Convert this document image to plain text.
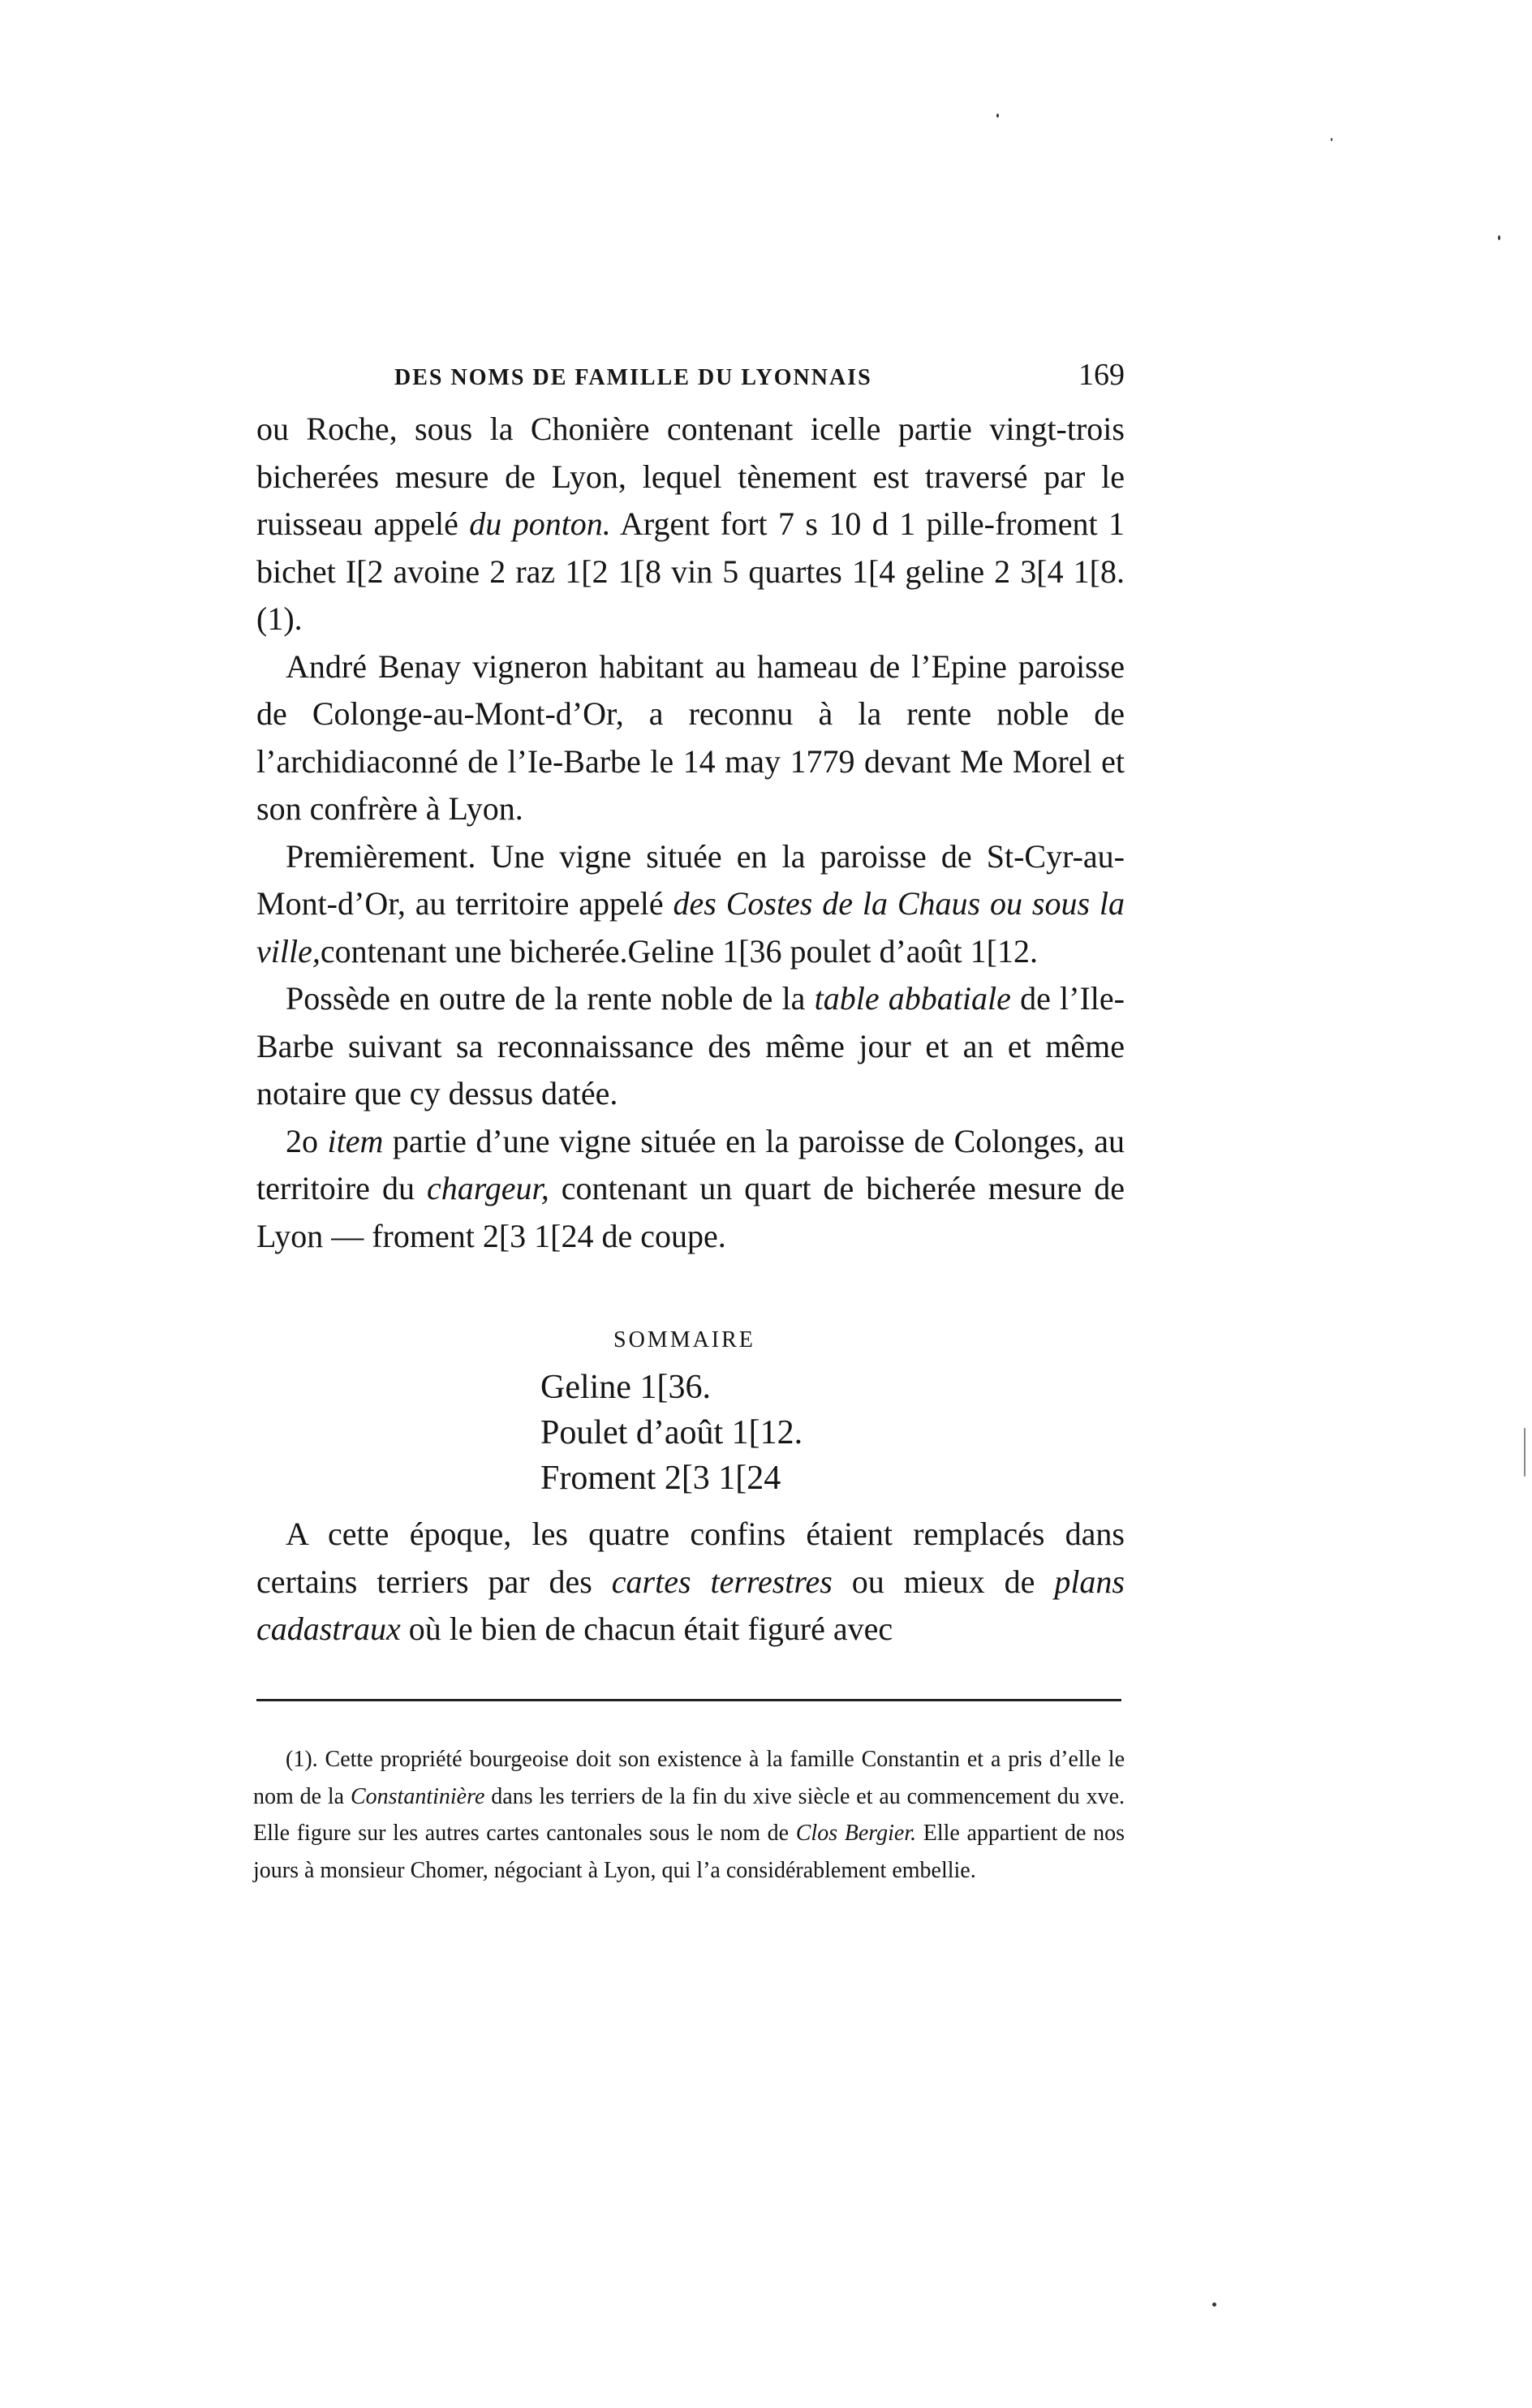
DES NOMS DE FAMILLE DU LYONNAIS	169

ou Roche, sous la Chonière contenant icelle partie vingt-trois bicherées mesure de Lyon, lequel tènement est traversé par le ruisseau appelé du ponton. Argent fort 7 s 10 d 1 pille-froment 1 bichet I[2 avoine 2 raz 1[2 1[8 vin 5 quartes 1[4 geline 2 3[4 1[8. (1).

André Benay vigneron habitant au hameau de l’Epine paroisse de Colonge-au-Mont-d’Or, a reconnu à la rente noble de l’archidiaconné de l’Ie-Barbe le 14 may 1779 devant Me Morel et son confrère à Lyon.

Premièrement. Une vigne située en la paroisse de St-Cyr-au-Mont-d’Or, au territoire appelé des Costes de la Chaus ou sous la ville,contenant une bicherée.Geline 1[36 poulet d’août 1[12.

Possède en outre de la rente noble de la table abbatiale de l’Ile-Barbe suivant sa reconnaissance des même jour et an et même notaire que cy dessus datée.

2o item partie d’une vigne située en la paroisse de Colonges, au territoire du chargeur, contenant un quart de bicherée mesure de Lyon — froment 2[3 1[24 de coupe.

SOMMAIRE
Geline 1[36.
Poulet d’août 1[12.
Froment 2[3 1[24

A cette époque, les quatre confins étaient remplacés dans certains terriers par des cartes terrestres ou mieux de plans cadastraux où le bien de chacun était figuré avec

(1). Cette propriété bourgeoise doit son existence à la famille Constantin et a pris d’elle le nom de la Constantinière dans les terriers de la fin du xive siècle et au commencement du xve. Elle figure sur les autres cartes cantonales sous le nom de Clos Bergier. Elle appartient de nos jours à monsieur Chomer, négociant à Lyon, qui l’a considérablement embellie.
